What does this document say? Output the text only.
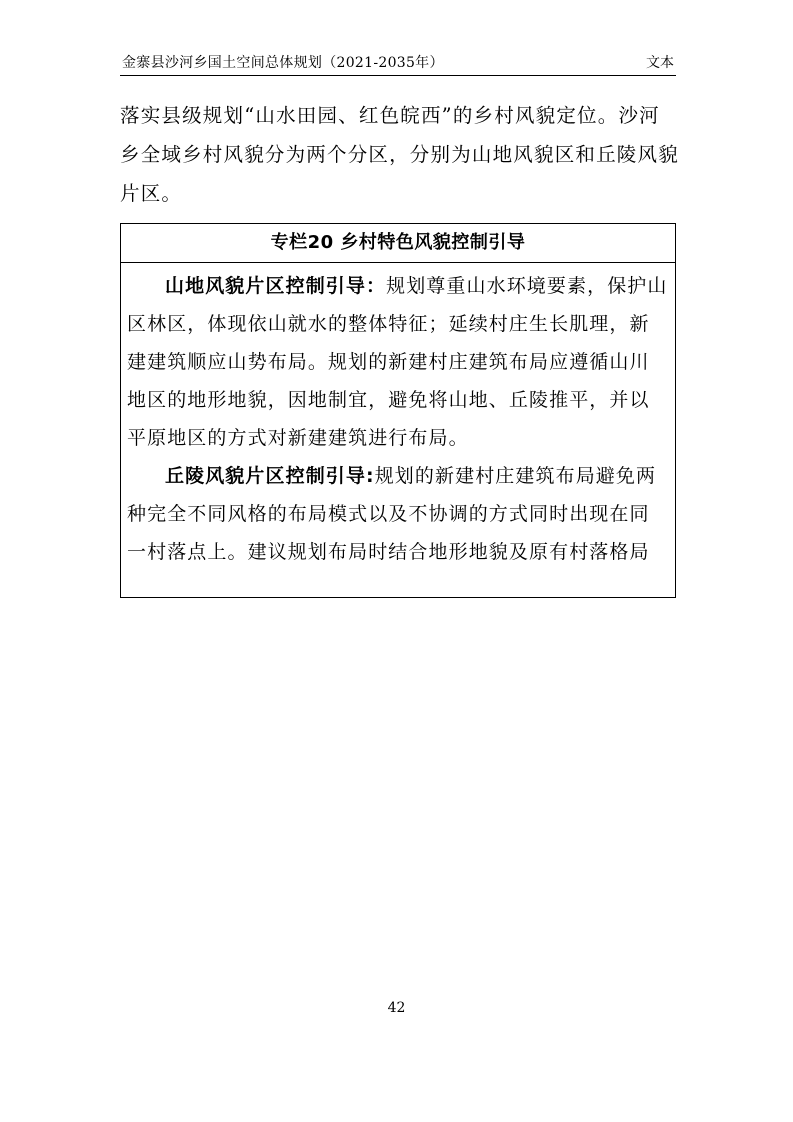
金寨县沙河乡国土空间总体规划（2021-2035年）	文本

落实县级规划“山水田园、红色皖西”的乡村风貌定位。沙河乡全域乡村风貌分为两个分区，分别为山地风貌区和丘陵风貌片区。

专栏20 乡村特色风貌控制引导

山地风貌片区控制引导：规划尊重山水环境要素，保护山区林区，体现依山就水的整体特征；延续村庄生长肌理，新建建筑顺应山势布局。规划的新建村庄建筑布局应遵循山川地区的地形地貌，因地制宜，避免将山地、丘陵推平，并以平原地区的方式对新建建筑进行布局。

丘陵风貌片区控制引导:规划的新建村庄建筑布局避免两种完全不同风格的布局模式以及不协调的方式同时出现在同一村落点上。建议规划布局时结合地形地貌及原有村落格局

42
